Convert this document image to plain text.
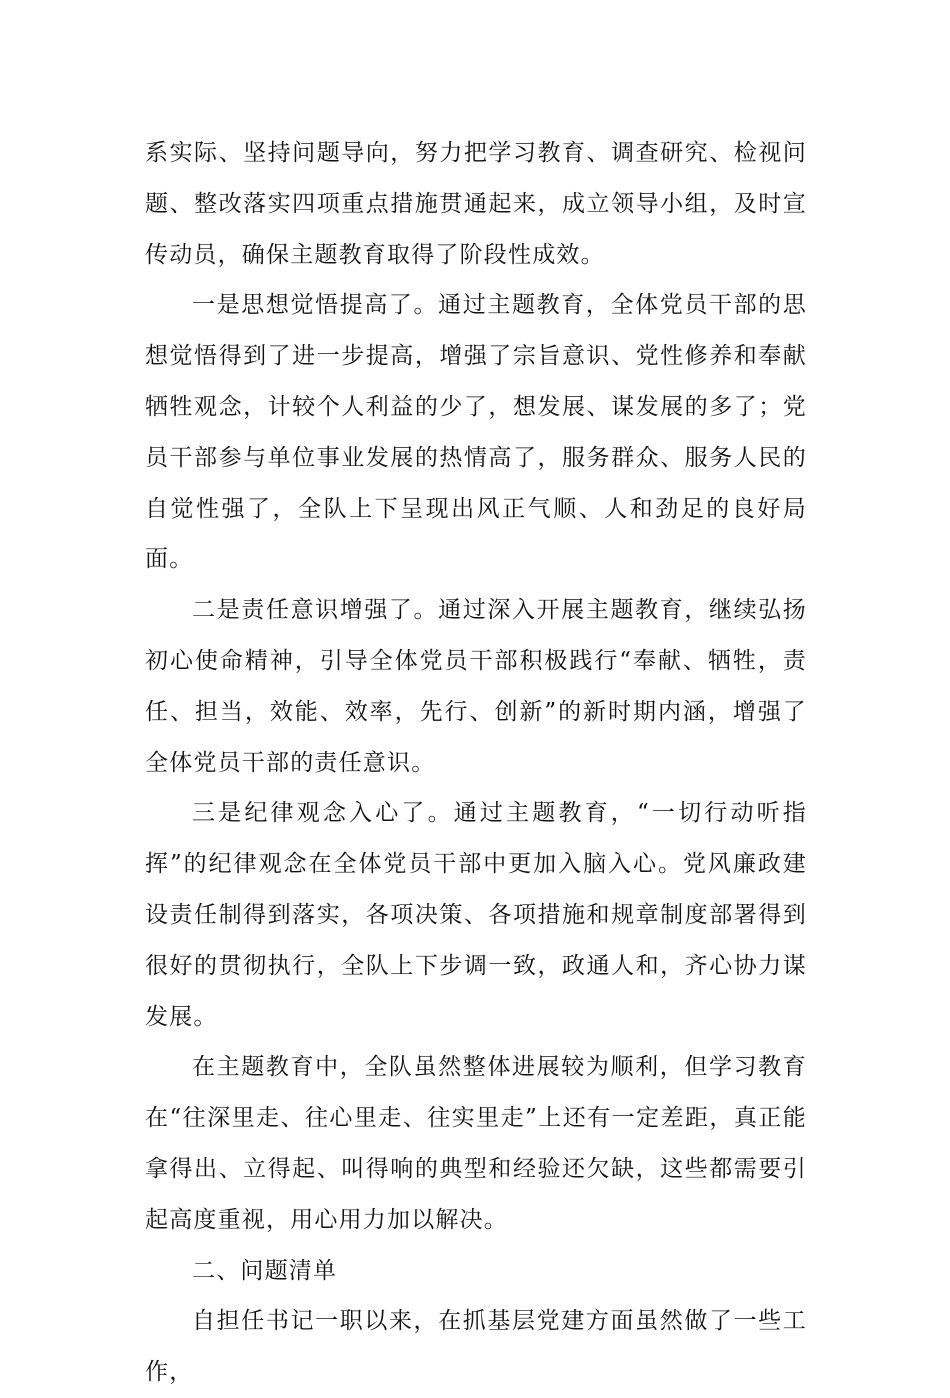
系实际、坚持问题导向，努力把学习教育、调查研究、检视问题、整改落实四项重点措施贯通起来，成立领导小组，及时宣传动员，确保主题教育取得了阶段性成效。

一是思想觉悟提高了。通过主题教育，全体党员干部的思想觉悟得到了进一步提高，增强了宗旨意识、党性修养和奉献牺牲观念，计较个人利益的少了，想发展、谋发展的多了；党员干部参与单位事业发展的热情高了，服务群众、服务人民的自觉性强了，全队上下呈现出风正气顺、人和劲足的良好局面。

二是责任意识增强了。通过深入开展主题教育，继续弘扬初心使命精神，引导全体党员干部积极践行“奉献、牺牲，责任、担当，效能、效率，先行、创新”的新时期内涵，增强了全体党员干部的责任意识。

三是纪律观念入心了。通过主题教育，“一切行动听指挥”的纪律观念在全体党员干部中更加入脑入心。党风廉政建设责任制得到落实，各项决策、各项措施和规章制度部署得到很好的贯彻执行，全队上下步调一致，政通人和，齐心协力谋发展。

在主题教育中，全队虽然整体进展较为顺利，但学习教育在“往深里走、往心里走、往实里走”上还有一定差距，真正能拿得出、立得起、叫得响的典型和经验还欠缺，这些都需要引起高度重视，用心用力加以解决。

二、问题清单

自担任书记一职以来，在抓基层党建方面虽然做了一些工作，
